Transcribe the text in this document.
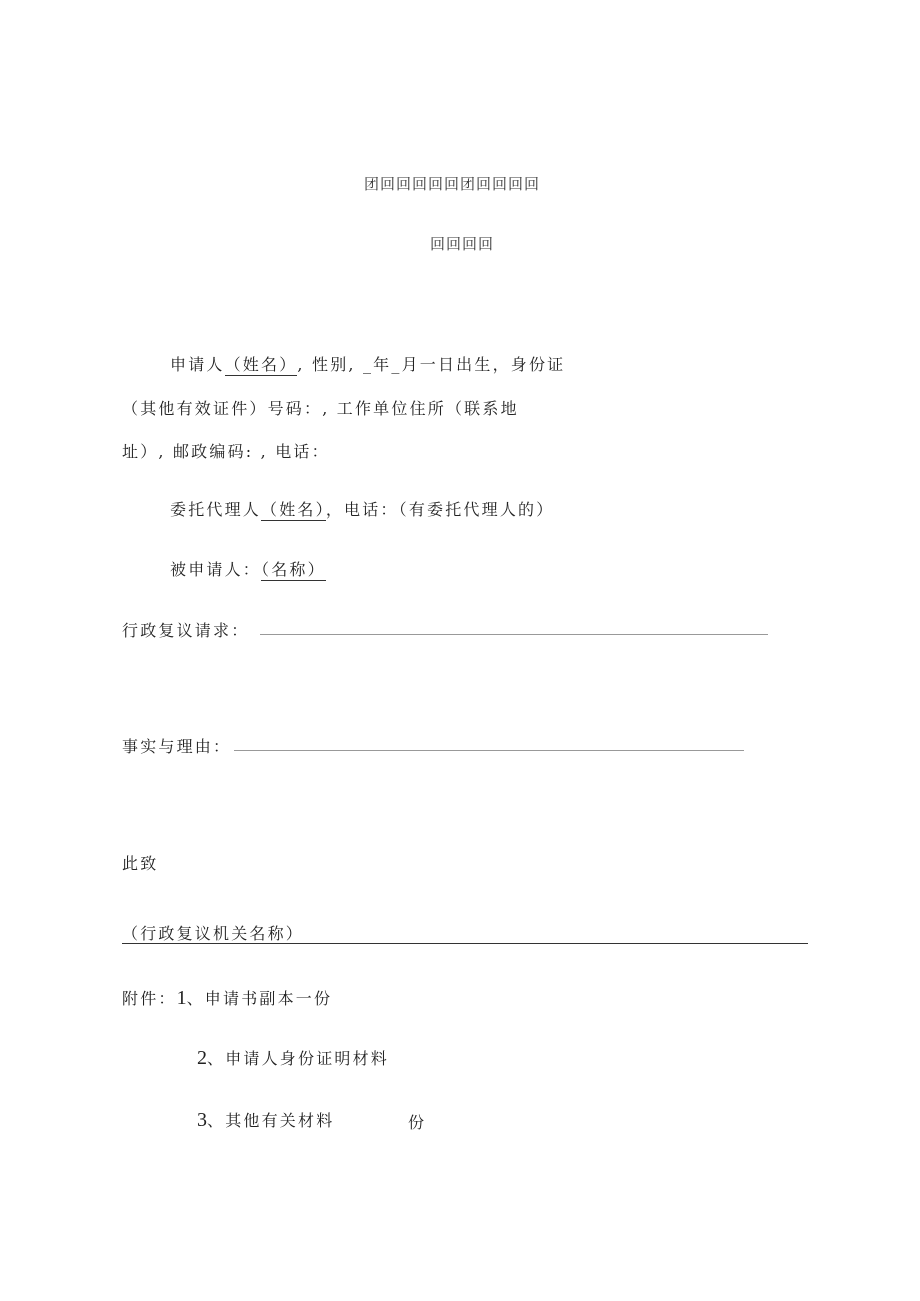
团回回回回回团回回回回
回回回回
申请人（姓名）, 性别, _年_月一日出生，身份证
（其他有效证件）号码：, 工作单位住所（联系地
址）, 邮政编码: , 电话：
委托代理人（姓名），电话：（有委托代理人的）
被申请人：（名称）
行政复议请求：
事实与理由：
此致
（行政复议机关名称）
附件：1、申请书副本一份
2、申请人身份证明材料
3、其他有关材料	份
